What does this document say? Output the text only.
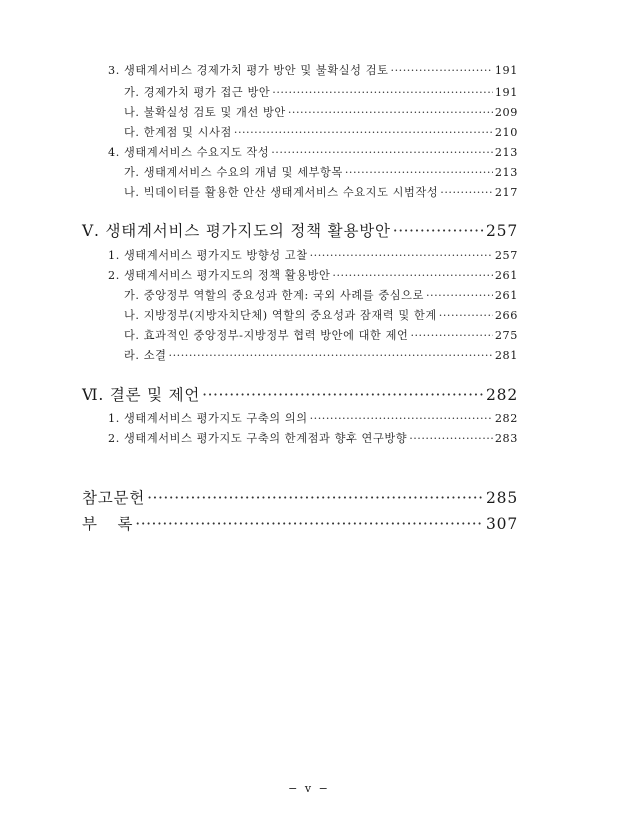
3. 생태계서비스 경제가치 평가 방안 및 불확실성 검토 ·····	191
가. 경제가치 평가 접근 방안 ·····	191
나. 불확실성 검토 및 개선 방안 ·····	209
다. 한계점 및 시사점 ·····	210
4. 생태계서비스 수요지도 작성 ·····	213
가. 생태계서비스 수요의 개념 및 세부항목 ·····	213
나. 빅데이터를 활용한 안산 생태계서비스 수요지도 시범작성 ·····	217
Ⅴ. 생태계서비스 평가지도의 정책 활용방안 ·····	257
1. 생태계서비스 평가지도 방향성 고찰 ·····	257
2. 생태계서비스 평가지도의 정책 활용방안 ·····	261
가. 중앙정부 역할의 중요성과 한계: 국외 사례를 중심으로 ·····	261
나. 지방정부(지방자치단체) 역할의 중요성과 잠재력 및 한계 ·····	266
다. 효과적인 중앙정부-지방정부 협력 방안에 대한 제언 ·····	275
라. 소결 ·····	281
Ⅵ. 결론 및 제언 ·····	282
1. 생태계서비스 평가지도 구축의 의의 ·····	282
2. 생태계서비스 평가지도 구축의 한계점과 향후 연구방향 ·····	283
참고문헌 ·····	285
부 록 ·····	307
− v −
